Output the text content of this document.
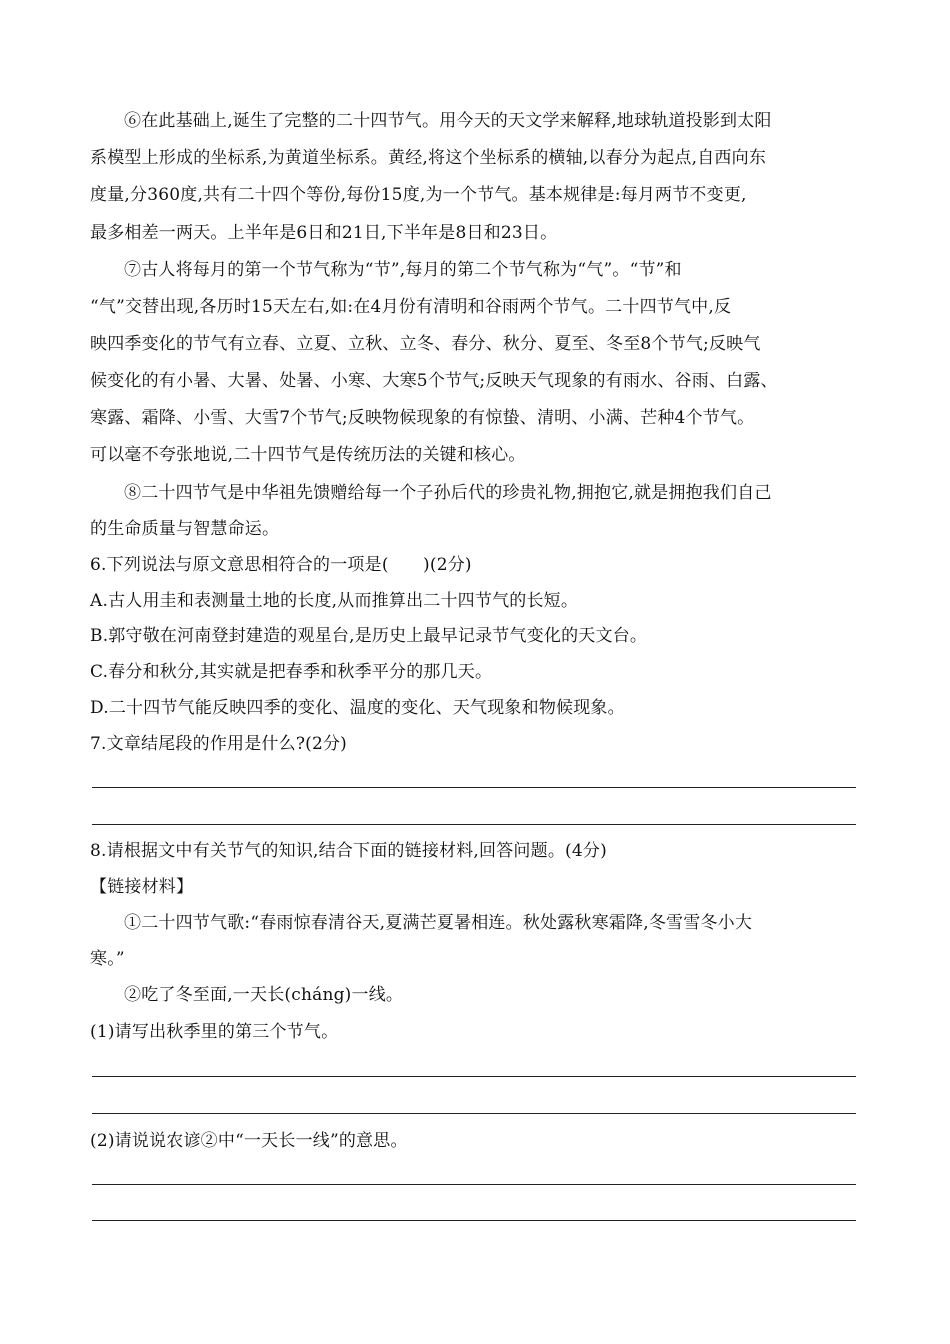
⑥在此基础上,诞生了完整的二十四节气。用今天的天文学来解释,地球轨道投影到太阳
系模型上形成的坐标系,为黄道坐标系。黄经,将这个坐标系的横轴,以春分为起点,自西向东
度量,分360度,共有二十四个等份,每份15度,为一个节气。基本规律是:每月两节不变更,
最多相差一两天。上半年是6日和21日,下半年是8日和23日。
⑦古人将每月的第一个节气称为“节”,每月的第二个节气称为“气”。“节”和
“气”交替出现,各历时15天左右,如:在4月份有清明和谷雨两个节气。二十四节气中,反
映四季变化的节气有立春、立夏、立秋、立冬、春分、秋分、夏至、冬至8个节气;反映气
候变化的有小暑、大暑、处暑、小寒、大寒5个节气;反映天气现象的有雨水、谷雨、白露、
寒露、霜降、小雪、大雪7个节气;反映物候现象的有惊蛰、清明、小满、芒种4个节气。
可以毫不夸张地说,二十四节气是传统历法的关键和核心。
⑧二十四节气是中华祖先馈赠给每一个子孙后代的珍贵礼物,拥抱它,就是拥抱我们自己
的生命质量与智慧命运。
6.下列说法与原文意思相符合的一项是(　　)(2分)
A.古人用圭和表测量土地的长度,从而推算出二十四节气的长短。
B.郭守敬在河南登封建造的观星台,是历史上最早记录节气变化的天文台。
C.春分和秋分,其实就是把春季和秋季平分的那几天。
D.二十四节气能反映四季的变化、温度的变化、天气现象和物候现象。
7.文章结尾段的作用是什么?(2分)
8.请根据文中有关节气的知识,结合下面的链接材料,回答问题。(4分)
【链接材料】
①二十四节气歌:“春雨惊春清谷天,夏满芒夏暑相连。秋处露秋寒霜降,冬雪雪冬小大
寒。”
②吃了冬至面,一天长(cháng)一线。
(1)请写出秋季里的第三个节气。
(2)请说说农谚②中“一天长一线”的意思。
